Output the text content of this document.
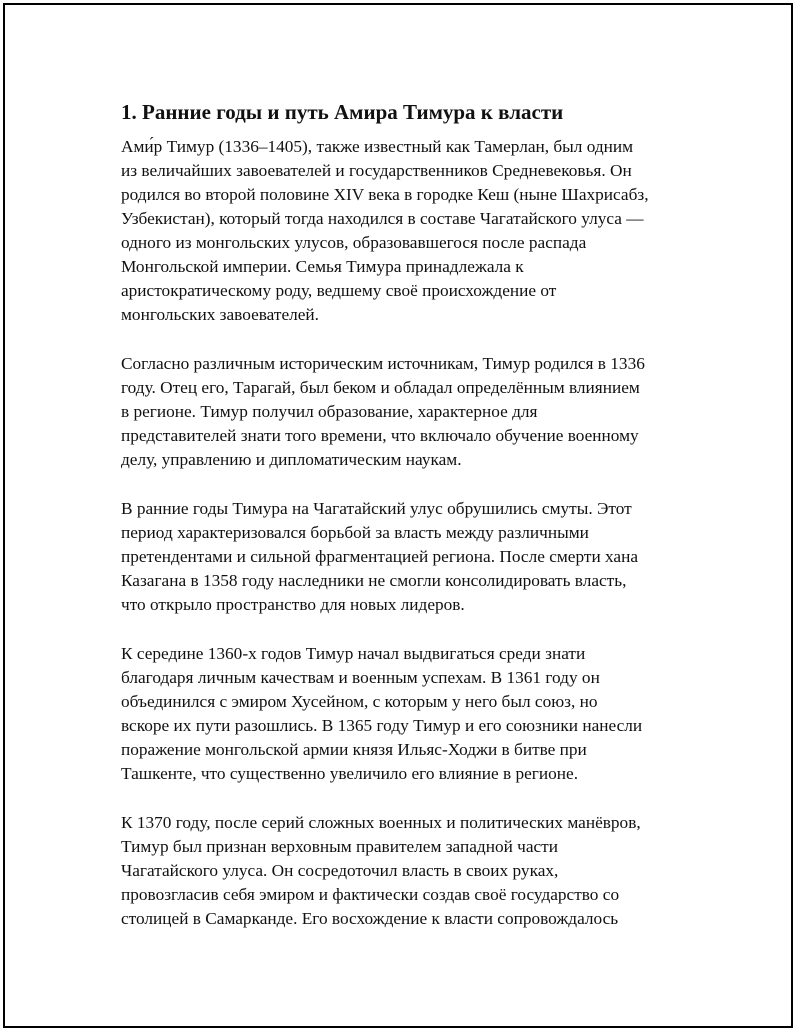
1. Ранние годы и путь Амира Тимура к власти

Ами́р Тимур (1336–1405), также известный как Тамерлан, был одним
из величайших завоевателей и государственников Средневековья. Он
родился во второй половине XIV века в городке Кеш (ныне Шахрисабз,
Узбекистан), который тогда находился в составе Чагатайского улуса —
одного из монгольских улусов, образовавшегося после распада
Монгольской империи. Семья Тимура принадлежала к
аристократическому роду, ведшему своё происхождение от
монгольских завоевателей.

Согласно различным историческим источникам, Тимур родился в 1336
году. Отец его, Тарагай, был беком и обладал определённым влиянием
в регионе. Тимур получил образование, характерное для
представителей знати того времени, что включало обучение военному
делу, управлению и дипломатическим наукам.

В ранние годы Тимура на Чагатайский улус обрушились смуты. Этот
период характеризовался борьбой за власть между различными
претендентами и сильной фрагментацией региона. После смерти хана
Казагана в 1358 году наследники не смогли консолидировать власть,
что открыло пространство для новых лидеров.

К середине 1360-х годов Тимур начал выдвигаться среди знати
благодаря личным качествам и военным успехам. В 1361 году он
объединился с эмиром Хусейном, с которым у него был союз, но
вскоре их пути разошлись. В 1365 году Тимур и его союзники нанесли
поражение монгольской армии князя Ильяс-Ходжи в битве при
Ташкенте, что существенно увеличило его влияние в регионе.

К 1370 году, после серий сложных военных и политических манёвров,
Тимур был признан верховным правителем западной части
Чагатайского улуса. Он сосредоточил власть в своих руках,
провозгласив себя эмиром и фактически создав своё государство со
столицей в Самарканде. Его восхождение к власти сопровождалось
